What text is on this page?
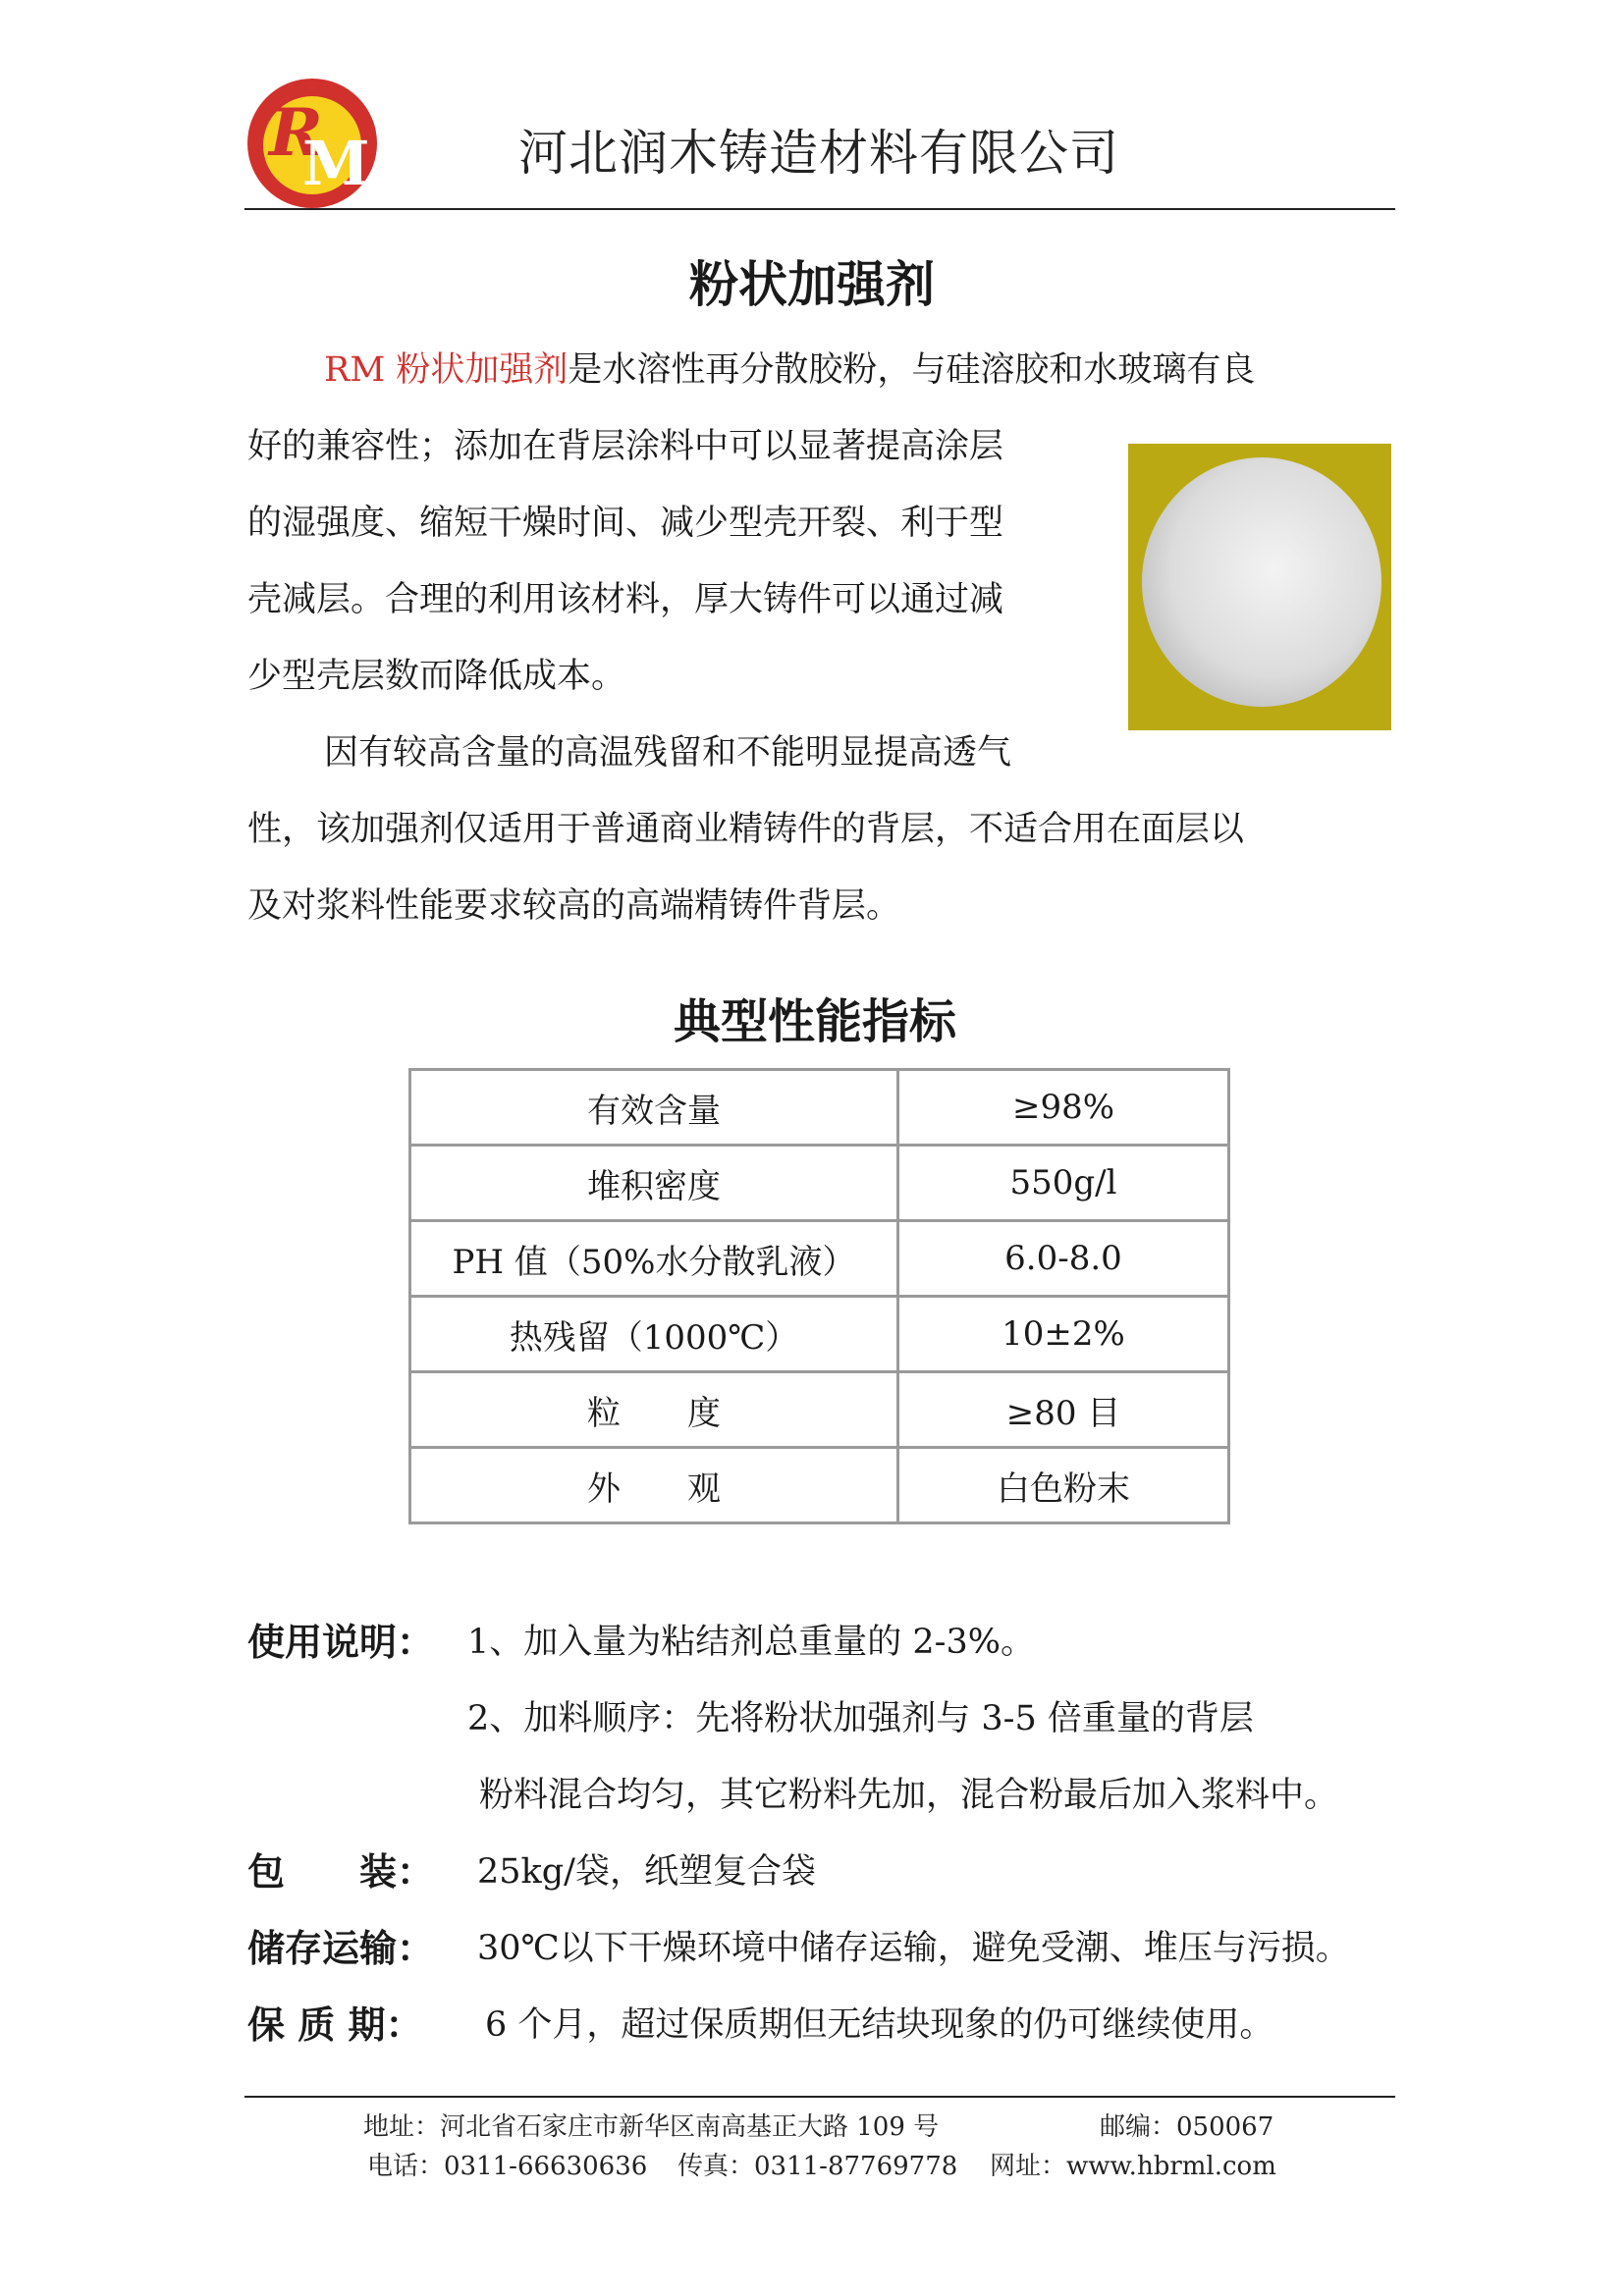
R
M	河北润木铸造材料有限公司
粉状加强剂
RM 粉状加强剂是水溶性再分散胶粉，与硅溶胶和水玻璃有良
好的兼容性；添加在背层涂料中可以显著提高涂层
的湿强度、缩短干燥时间、减少型壳开裂、利于型
壳减层。合理的利用该材料，厚大铸件可以通过减
少型壳层数而降低成本。
因有较高含量的高温残留和不能明显提高透气
性，该加强剂仅适用于普通商业精铸件的背层，不适合用在面层以
及对浆料性能要求较高的高端精铸件背层。
典型性能指标
有效含量	≥98%
堆积密度	550g/l
PH 值（50%水分散乳液）	6.0-8.0
热残留（1000℃）	10±2%
粒　　度	≥80 目
外　　观	白色粉末
使用说明： 1、加入量为粘结剂总重量的 2-3%。
2、加料顺序：先将粉状加强剂与 3-5 倍重量的背层
粉料混合均匀，其它粉料先加，混合粉最后加入浆料中。
包　　装： 25kg/袋，纸塑复合袋
储存运输： 30℃以下干燥环境中储存运输，避免受潮、堆压与污损。
保 质 期： 6 个月，超过保质期但无结块现象的仍可继续使用。
地址：河北省石家庄市新华区南高基正大路 109 号	邮编：050067
电话：0311-66630636 传真：0311-87769778 网址：www.hbrml.com
